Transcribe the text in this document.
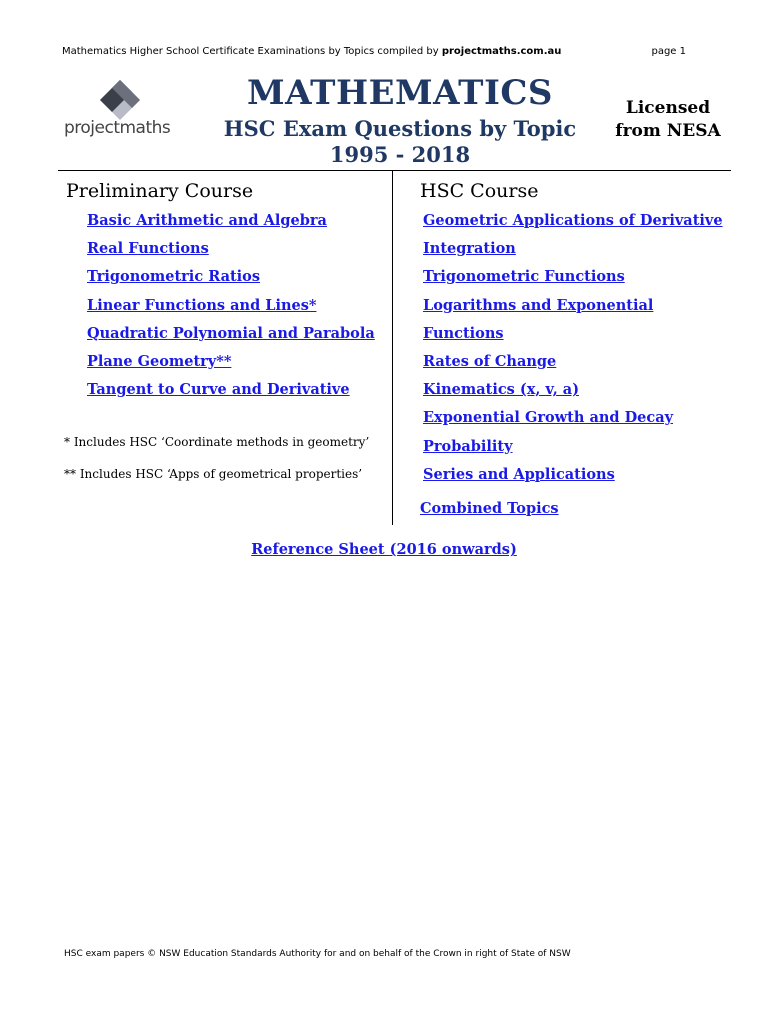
Mathematics Higher School Certificate Examinations by Topics compiled by projectmaths.com.au	page 1
projectmaths
MATHEMATICS
HSC Exam Questions by Topic
1995 - 2018
Licensed
from NESA
Preliminary Course	HSC Course
Basic Arithmetic and Algebra
Real Functions
Trigonometric Ratios
Linear Functions and Lines*
Quadratic Polynomial and Parabola
Plane Geometry**
Tangent to Curve and Derivative
* Includes HSC ‘Coordinate methods in geometry’
** Includes HSC ‘Apps of geometrical properties’
Geometric Applications of Derivative
Integration
Trigonometric Functions
Logarithms and Exponential
Functions
Rates of Change
Kinematics (x, v, a)
Exponential Growth and Decay
Probability
Series and Applications
Combined Topics
Reference Sheet (2016 onwards)
HSC exam papers © NSW Education Standards Authority for and on behalf of the Crown in right of State of NSW
